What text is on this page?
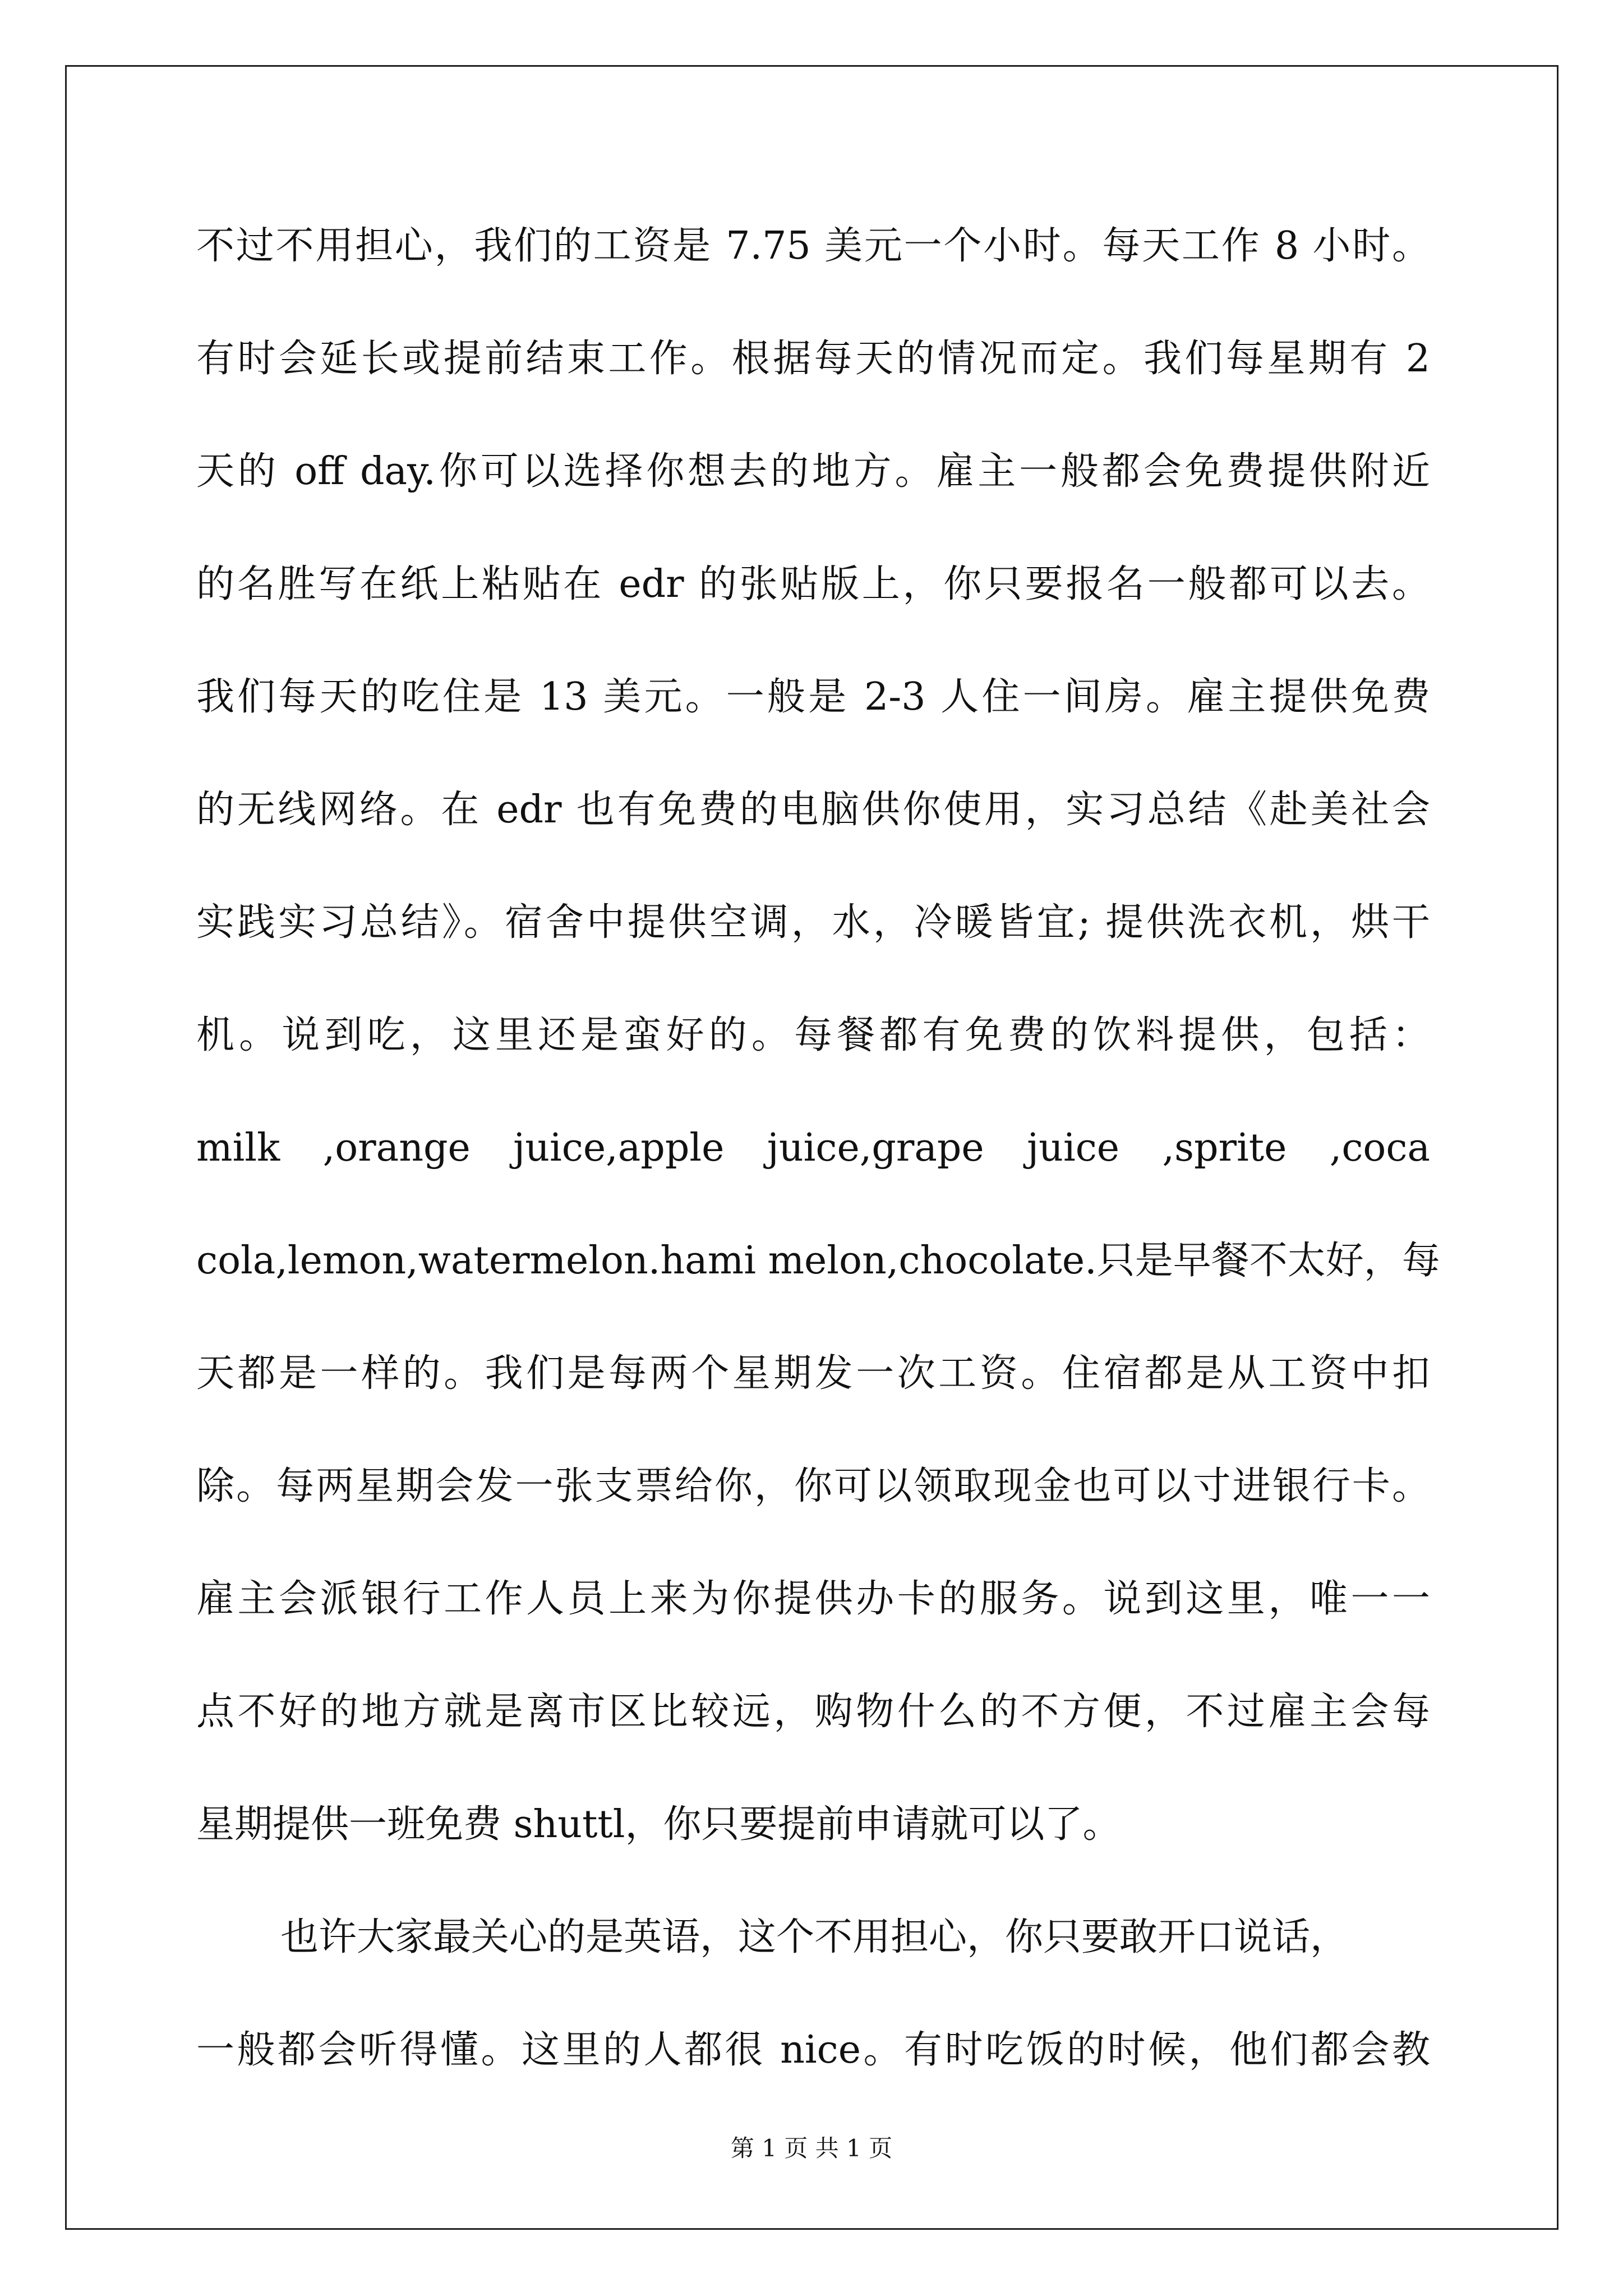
不过不用担心，我们的工资是 7.75 美元一个小时。每天工作 8 小时。
有时会延长或提前结束工作。根据每天的情况而定。我们每星期有 2
天的 off day.你可以选择你想去的地方。雇主一般都会免费提供附近
的名胜写在纸上粘贴在 edr 的张贴版上，你只要报名一般都可以去。
我们每天的吃住是 13 美元。一般是 2-3 人住一间房。雇主提供免费
的无线网络。在 edr 也有免费的电脑供你使用，实习总结《赴美社会
实践实习总结》。宿舍中提供空调，水，冷暖皆宜; 提供洗衣机，烘干
机。说到吃，这里还是蛮好的。每餐都有免费的饮料提供，包括：
milk ,orange juice,apple juice,grape juice ,sprite ,coca
cola,lemon,watermelon.hami melon,chocolate.只是早餐不太好，每
天都是一样的。我们是每两个星期发一次工资。住宿都是从工资中扣
除。每两星期会发一张支票给你，你可以领取现金也可以寸进银行卡。
雇主会派银行工作人员上来为你提供办卡的服务。说到这里，唯一一
点不好的地方就是离市区比较远，购物什么的不方便，不过雇主会每
星期提供一班免费 shuttl，你只要提前申请就可以了。
也许大家最关心的是英语，这个不用担心，你只要敢开口说话，
一般都会听得懂。这里的人都很 nice。有时吃饭的时候，他们都会教
第 1 页 共 1 页
